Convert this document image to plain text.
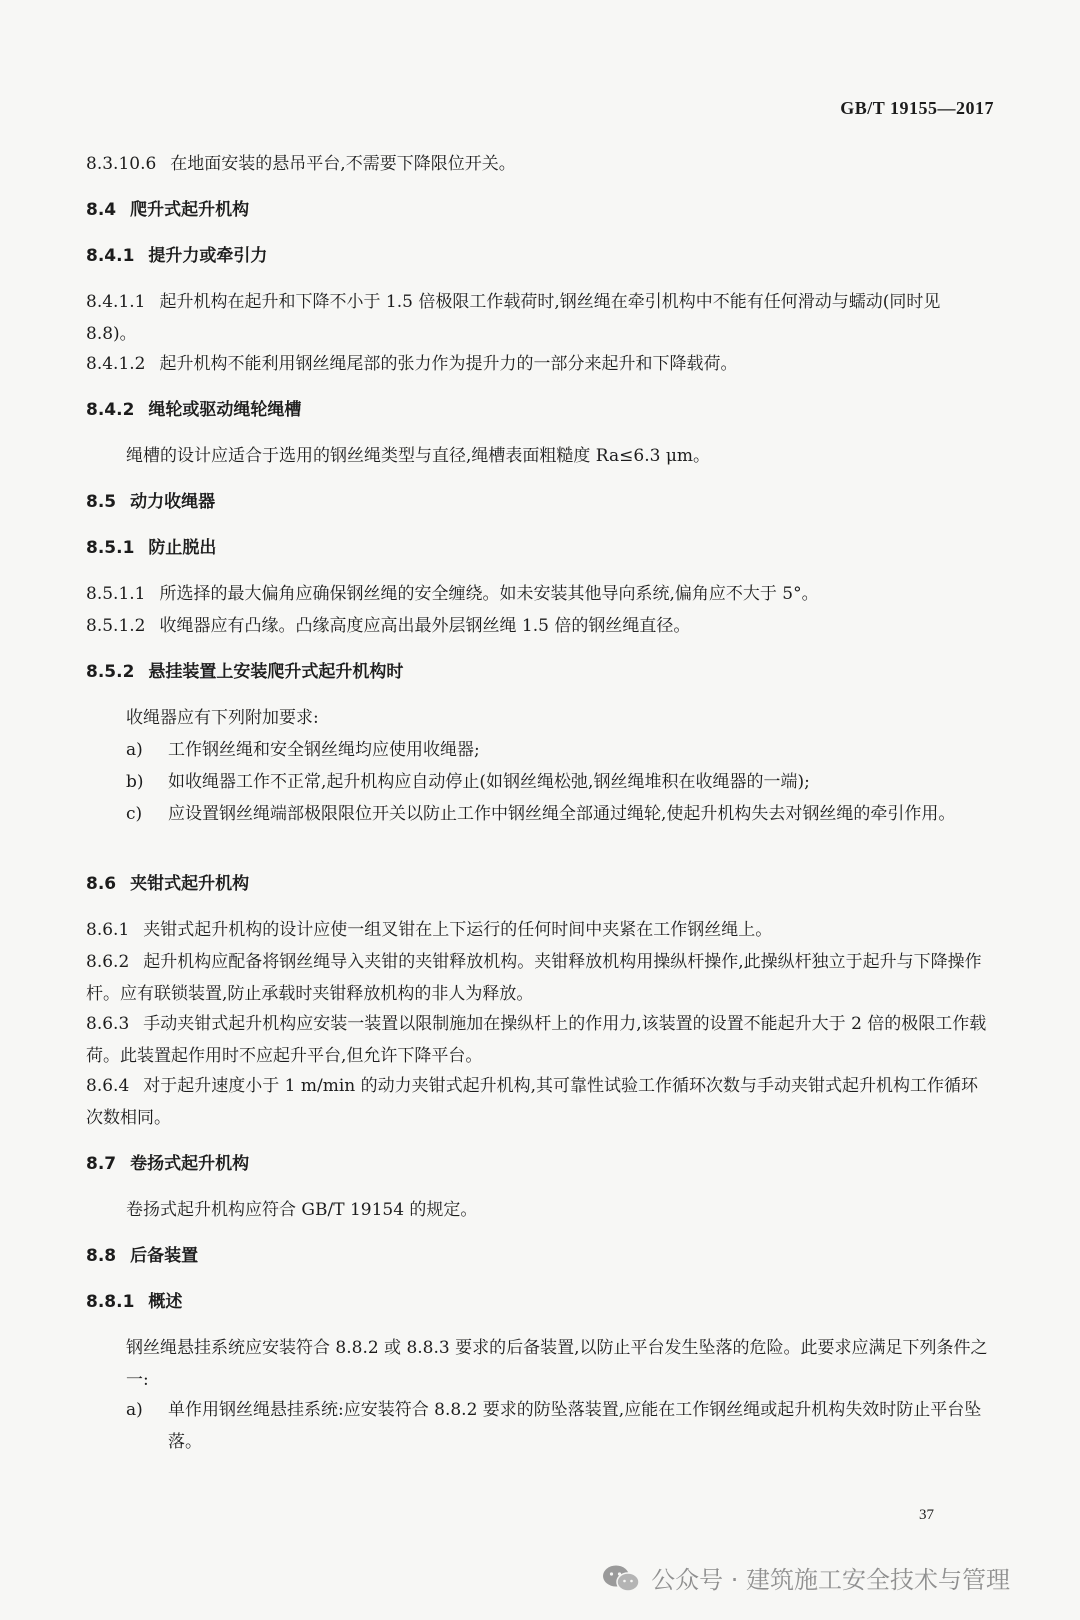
GB/T 19155—2017
8.3.10.6 在地面安装的悬吊平台,不需要下降限位开关。
8.4 爬升式起升机构
8.4.1 提升力或牵引力
8.4.1.1 起升机构在起升和下降不小于 1.5 倍极限工作载荷时,钢丝绳在牵引机构中不能有任何滑动与蠕动(同时见 8.8)。
8.4.1.2 起升机构不能利用钢丝绳尾部的张力作为提升力的一部分来起升和下降载荷。
8.4.2 绳轮或驱动绳轮绳槽
绳槽的设计应适合于选用的钢丝绳类型与直径,绳槽表面粗糙度 Ra≤6.3 μm。
8.5 动力收绳器
8.5.1 防止脱出
8.5.1.1 所选择的最大偏角应确保钢丝绳的安全缠绕。如未安装其他导向系统,偏角应不大于 5°。
8.5.1.2 收绳器应有凸缘。凸缘高度应高出最外层钢丝绳 1.5 倍的钢丝绳直径。
8.5.2 悬挂装置上安装爬升式起升机构时
收绳器应有下列附加要求:
a)	工作钢丝绳和安全钢丝绳均应使用收绳器;
b)	如收绳器工作不正常,起升机构应自动停止(如钢丝绳松弛,钢丝绳堆积在收绳器的一端);
c)	应设置钢丝绳端部极限限位开关以防止工作中钢丝绳全部通过绳轮,使起升机构失去对钢丝绳的牵引作用。
8.6 夹钳式起升机构
8.6.1 夹钳式起升机构的设计应使一组叉钳在上下运行的任何时间中夹紧在工作钢丝绳上。
8.6.2 起升机构应配备将钢丝绳导入夹钳的夹钳释放机构。夹钳释放机构用操纵杆操作,此操纵杆独立于起升与下降操作杆。应有联锁装置,防止承载时夹钳释放机构的非人为释放。
8.6.3 手动夹钳式起升机构应安装一装置以限制施加在操纵杆上的作用力,该装置的设置不能起升大于 2 倍的极限工作载荷。此装置起作用时不应起升平台,但允许下降平台。
8.6.4 对于起升速度小于 1 m/min 的动力夹钳式起升机构,其可靠性试验工作循环次数与手动夹钳式起升机构工作循环次数相同。
8.7 卷扬式起升机构
卷扬式起升机构应符合 GB/T 19154 的规定。
8.8 后备装置
8.8.1 概述
钢丝绳悬挂系统应安装符合 8.8.2 或 8.8.3 要求的后备装置,以防止平台发生坠落的危险。此要求应满足下列条件之一:
a)	单作用钢丝绳悬挂系统:应安装符合 8.8.2 要求的防坠落装置,应能在工作钢丝绳或起升机构失效时防止平台坠落。
37
公众号 · 建筑施工安全技术与管理
